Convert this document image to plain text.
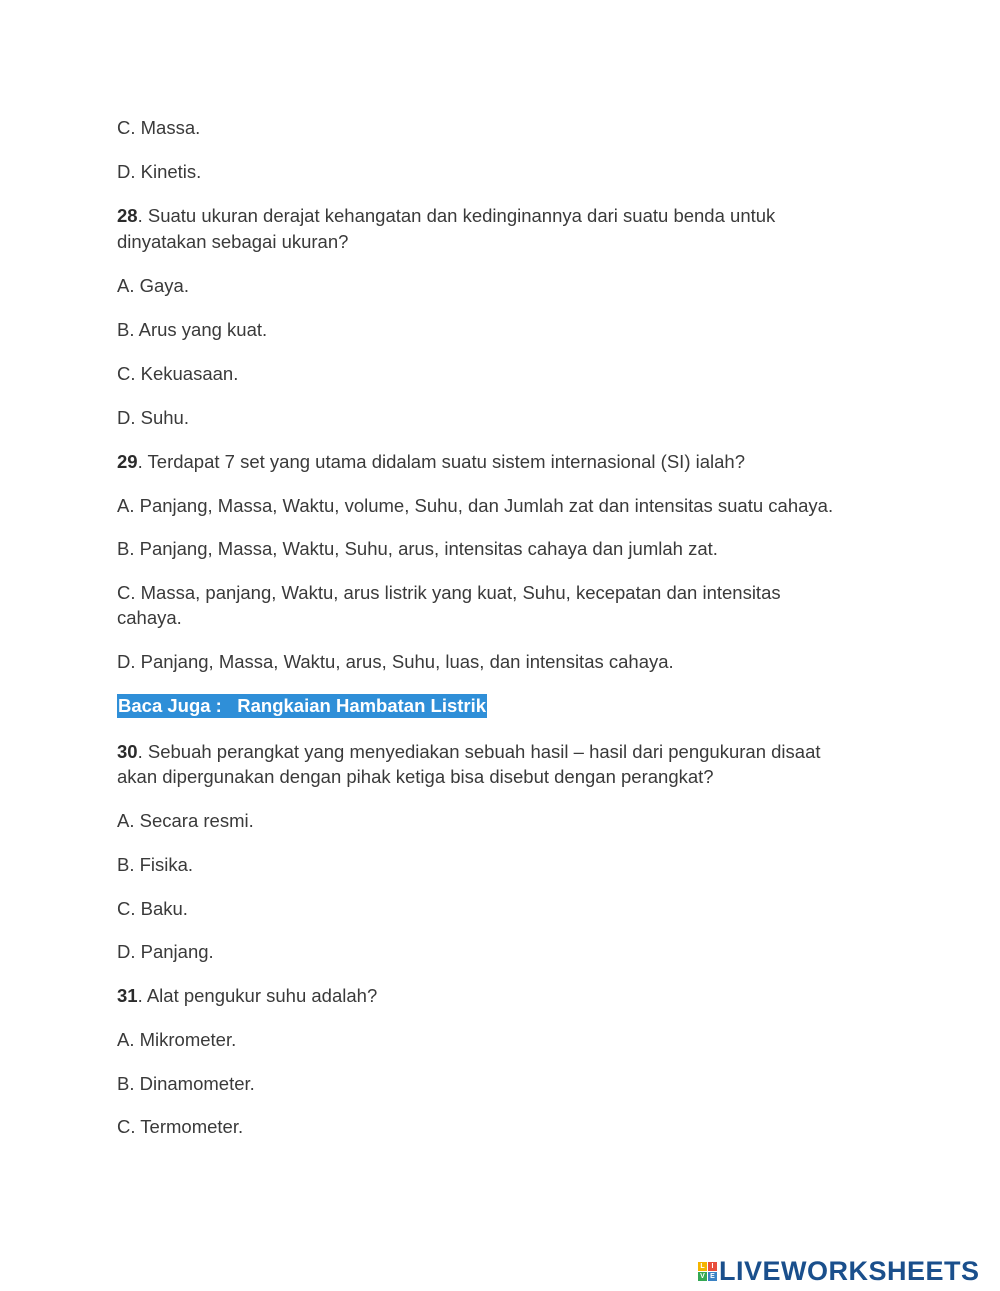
C. Massa.
D. Kinetis.
28. Suatu ukuran derajat kehangatan dan kedinginannya dari suatu benda untuk
dinyatakan sebagai ukuran?
A. Gaya.
B. Arus yang kuat.
C. Kekuasaan.
D. Suhu.
29. Terdapat 7 set yang utama didalam suatu sistem internasional (SI) ialah?
A. Panjang, Massa, Waktu, volume, Suhu, dan Jumlah zat dan intensitas suatu cahaya.
B. Panjang, Massa, Waktu, Suhu, arus, intensitas cahaya dan jumlah zat.
C. Massa, panjang, Waktu, arus listrik yang kuat, Suhu, kecepatan dan intensitas
cahaya.
D. Panjang, Massa, Waktu, arus, Suhu, luas, dan intensitas cahaya.
Baca Juga :   Rangkaian Hambatan Listrik
30. Sebuah perangkat yang menyediakan sebuah hasil – hasil dari pengukuran disaat
akan dipergunakan dengan pihak ketiga bisa disebut dengan perangkat?
A. Secara resmi.
B. Fisika.
C. Baku.
D. Panjang.
31. Alat pengukur suhu adalah?
A. Mikrometer.
B. Dinamometer.
C. Termometer.
L I
V E LIVEWORKSHEETS
